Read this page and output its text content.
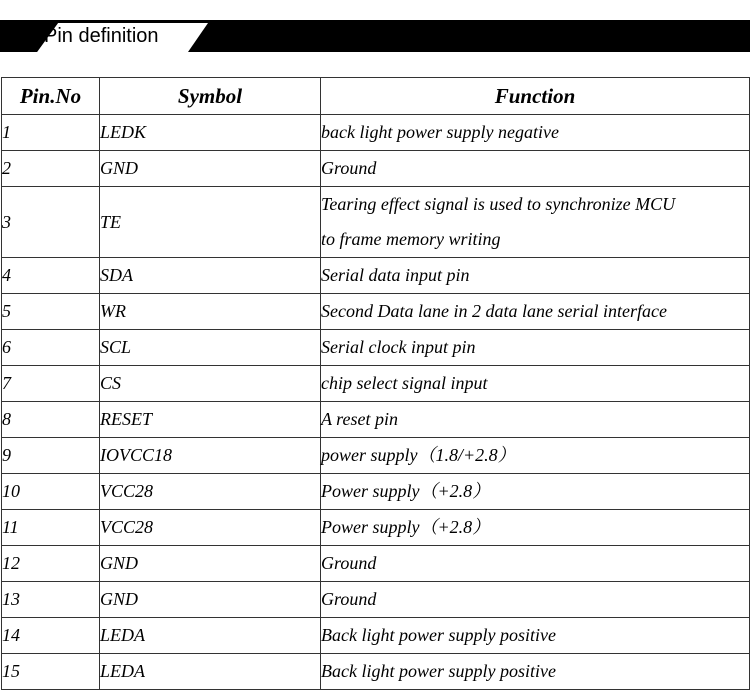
Pin definition
Pin.No	Symbol	Function
1	LEDK	back light power supply negative
2	GND	Ground
3	TE	Tearing effect signal is used to synchronize MCU
to frame memory writing

4	SDA	Serial data input pin
5	WR	Second Data lane in 2 data lane serial interface
6	SCL	Serial clock input pin
7	CS	chip select signal input
8	RESET	A reset pin
9	IOVCC18	power supply（1.8/+2.8）
10	VCC28	Power supply（+2.8）
11	VCC28	Power supply（+2.8）
12	GND	Ground
13	GND	Ground
14	LEDA	Back light power supply positive
15	LEDA	Back light power supply positive
